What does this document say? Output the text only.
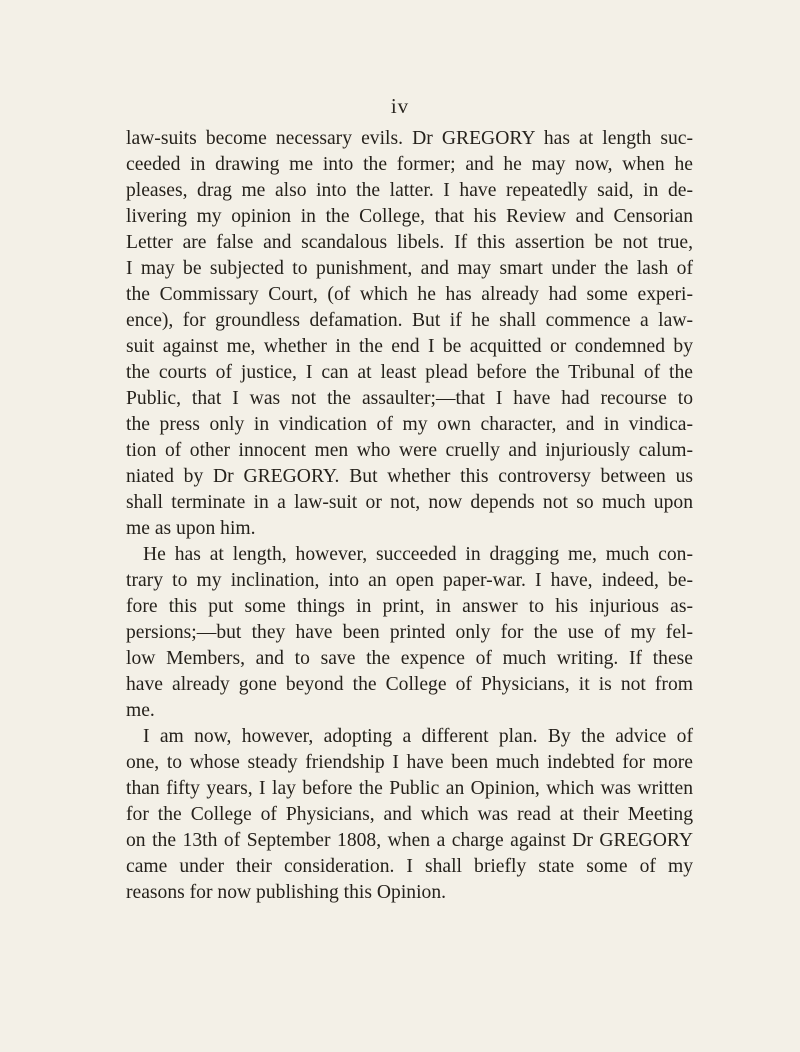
iv
law-suits become necessary evils. Dr GREGORY has at length suc-
ceeded in drawing me into the former; and he may now, when he
pleases, drag me also into the latter. I have repeatedly said, in de-
livering my opinion in the College, that his Review and Censorian
Letter are false and scandalous libels. If this assertion be not true,
I may be subjected to punishment, and may smart under the lash of
the Commissary Court, (of which he has already had some experi-
ence), for groundless defamation. But if he shall commence a law-
suit against me, whether in the end I be acquitted or condemned by
the courts of justice, I can at least plead before the Tribunal of the
Public, that I was not the assaulter;—that I have had recourse to
the press only in vindication of my own character, and in vindica-
tion of other innocent men who were cruelly and injuriously calum-
niated by Dr GREGORY. But whether this controversy between us
shall terminate in a law-suit or not, now depends not so much upon
me as upon him.
He has at length, however, succeeded in dragging me, much con-
trary to my inclination, into an open paper-war. I have, indeed, be-
fore this put some things in print, in answer to his injurious as-
persions;—but they have been printed only for the use of my fel-
low Members, and to save the expence of much writing. If these
have already gone beyond the College of Physicians, it is not from
me.
I am now, however, adopting a different plan. By the advice of
one, to whose steady friendship I have been much indebted for more
than fifty years, I lay before the Public an Opinion, which was written
for the College of Physicians, and which was read at their Meeting
on the 13th of September 1808, when a charge against Dr GREGORY
came under their consideration. I shall briefly state some of my
reasons for now publishing this Opinion.
